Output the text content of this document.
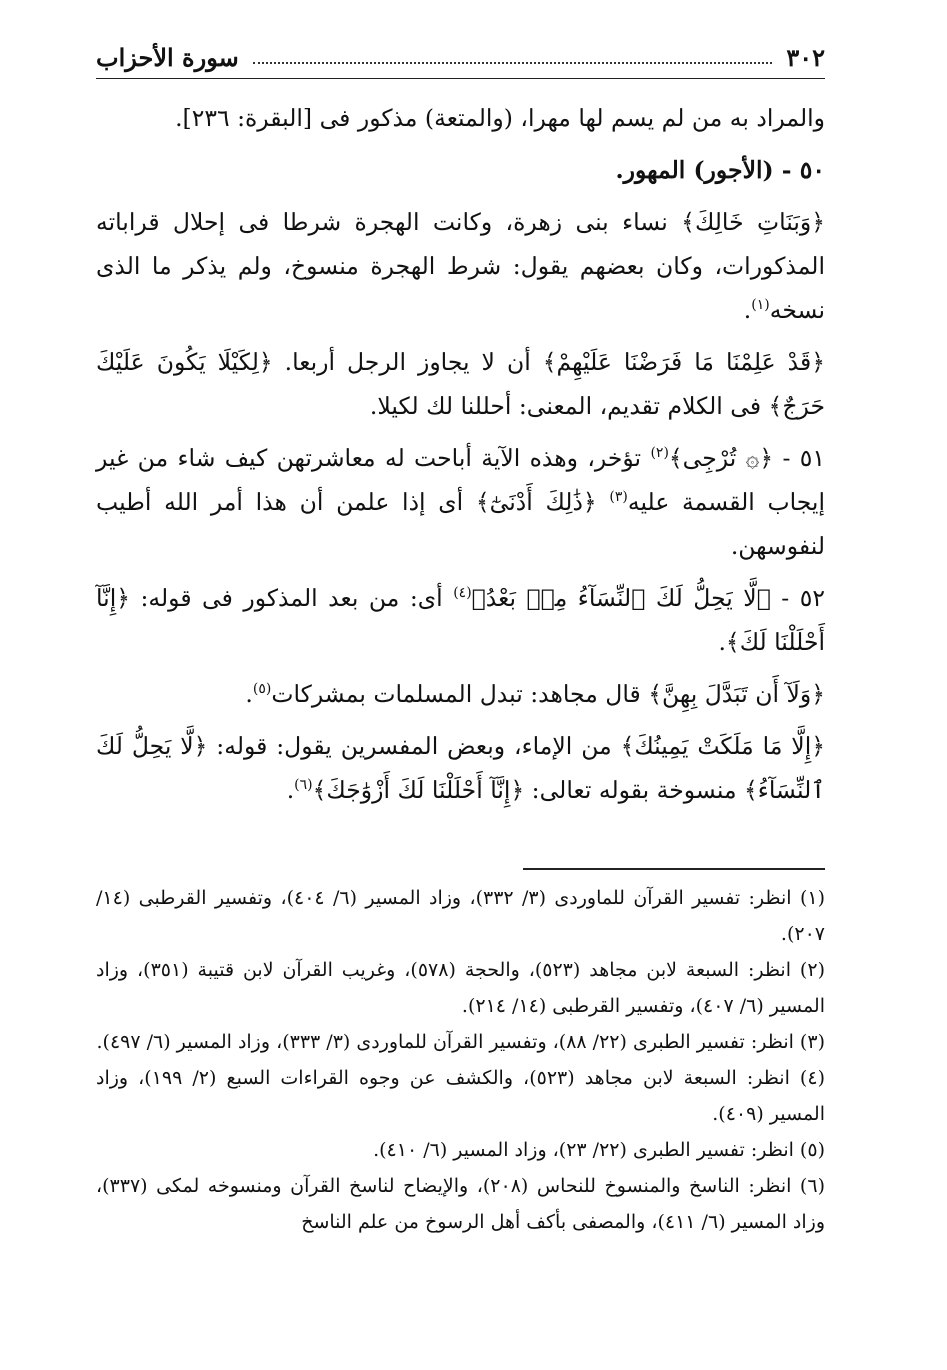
٣٠٢
سورة الأحزاب

والمراد به من لم يسم لها مهرا، (والمتعة) مذكور فى [البقرة: ٢٣٦].

٥٠ - (الأجور) المهور.

﴿وَبَنَاتِ خَالِكَ﴾ نساء بنى زهرة، وكانت الهجرة شرطا فى إحلال قراباته المذكورات، وكان بعضهم يقول: شرط الهجرة منسوخ، ولم يذكر ما الذى نسخه$^{(١)}$.

﴿قَدْ عَلِمْنَا مَا فَرَضْنَا عَلَيْهِمْ﴾ أن لا يجاوز الرجل أربعا. ﴿لِكَيْلَا يَكُونَ عَلَيْكَ حَرَجٌ﴾ فى الكلام تقديم، المعنى: أحللنا لك لكيلا.

٥١ - ﴿۞ تُرْجِى﴾$^{(٢)}$ تؤخر، وهذه الآية أباحت له معاشرتهن كيف شاء من غير إيجاب القسمة عليه$^{(٣)}$ ﴿ذَٰلِكَ أَدْنَىٰٓ﴾ أى إذا علمن أن هذا أمر الله أطيب لنفوسهن.

٥٢ - ﴿لَّا يَحِلُّ لَكَ ٱلنِّسَآءُ مِنۢ بَعْدُ﴾$^{(٤)}$ أى: من بعد المذكور فى قوله: ﴿إِنَّآ أَحْلَلْنَا لَكَ﴾.

﴿وَلَآ أَن تَبَدَّلَ بِهِنَّ﴾ قال مجاهد: تبدل المسلمات بمشركات$^{(٥)}$.

﴿إِلَّا مَا مَلَكَتْ يَمِينُكَ﴾ من الإماء، وبعض المفسرين يقول: قوله: ﴿لَّا يَحِلُّ لَكَ ٱلنِّسَآءُ﴾ منسوخة بقوله تعالى: ﴿إِنَّآ أَحْلَلْنَا لَكَ أَزْوَٰجَكَ﴾$^{(٦)}$.

(١) انظر: تفسير القرآن للماوردى (٣/ ٣٣٢)، وزاد المسير (٦/ ٤٠٤)، وتفسير القرطبى (١٤/ ٢٠٧).

(٢) انظر: السبعة لابن مجاهد (٥٢٣)، والحجة (٥٧٨)، وغريب القرآن لابن قتيبة (٣٥١)، وزاد المسير (٦/ ٤٠٧)، وتفسير القرطبى (١٤/ ٢١٤).

(٣) انظر: تفسير الطبرى (٢٢/ ٨٨)، وتفسير القرآن للماوردى (٣/ ٣٣٣)، وزاد المسير (٦/ ٤٩٧).

(٤) انظر: السبعة لابن مجاهد (٥٢٣)، والكشف عن وجوه القراءات السبع (٢/ ١٩٩)، وزاد المسير (٤٠٩).

(٥) انظر: تفسير الطبرى (٢٢/ ٢٣)، وزاد المسير (٦/ ٤١٠).

(٦) انظر: الناسخ والمنسوخ للنحاس (٢٠٨)، والإيضاح لناسخ القرآن ومنسوخه لمكى (٣٣٧)، وزاد المسير (٦/ ٤١١)، والمصفى بأكف أهل الرسوخ من علم الناسخ
